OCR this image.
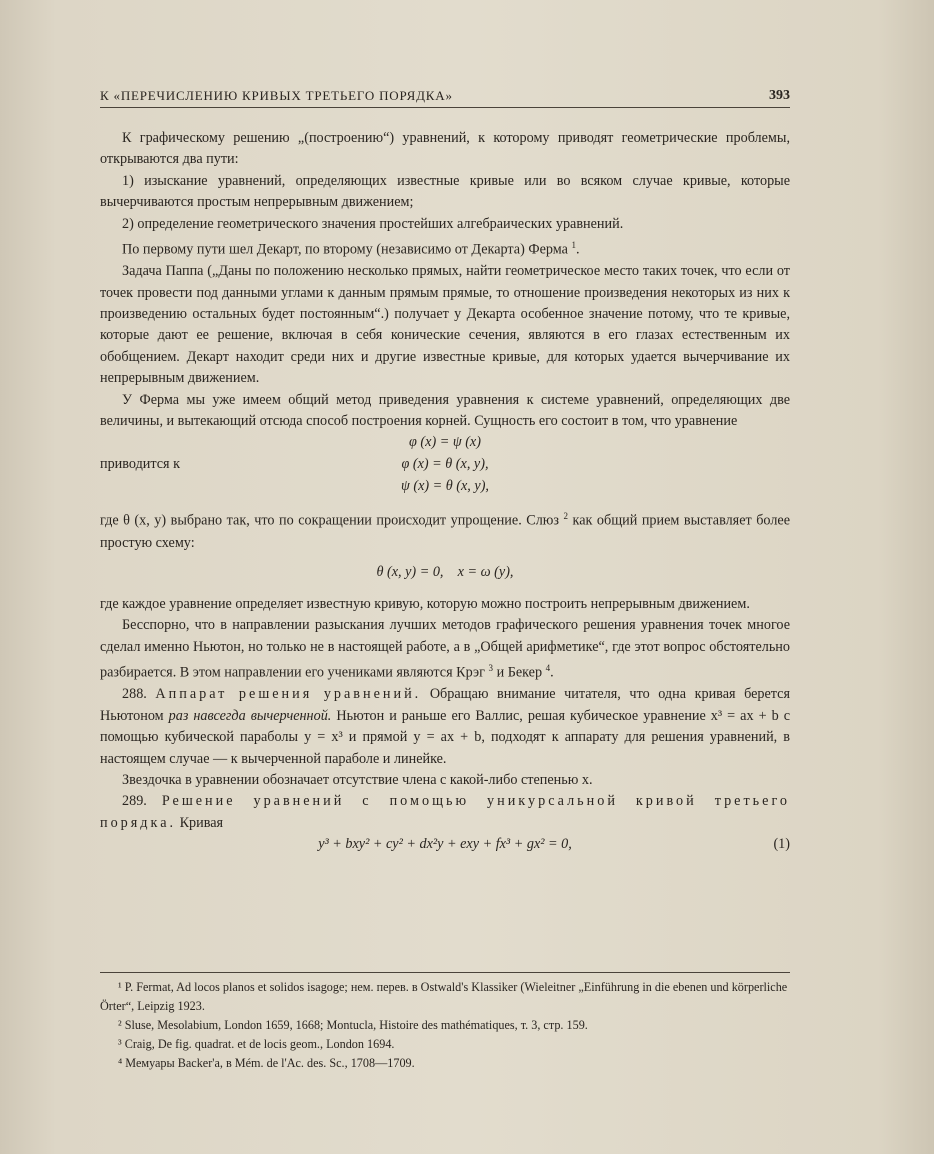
К «ПЕРЕЧИСЛЕНИЮ КРИВЫХ ТРЕТЬЕГО ПОРЯДКА»	393

К графическому решению „(построению“) уравнений, к которому приводят геометрические проблемы, открываются два пути:

1) изыскание уравнений, определяющих известные кривые или во всяком случае кривые, которые вычерчиваются простым непрерывным движением;

2) определение геометрического значения простейших алгебраических уравнений.

По первому пути шел Декарт, по второму (независимо от Декарта) Ферма $^1$.

Задача Паппа („Даны по положению несколько прямых, найти геометрическое место таких точек, что если от точек провести под данными углами к данным прямым прямые, то отношение произведения некоторых из них к произведению остальных будет постоянным“.) получает у Декарта особенное значение потому, что те кривые, которые дают ее решение, включая в себя конические сечения, являются в его глазах естественным их обобщением. Декарт находит среди них и другие известные кривые, для которых удается вычерчивание их непрерывным движением.

У Ферма мы уже имеем общий метод приведения уравнения к системе уравнений, определяющих две величины, и вытекающий отсюда способ построения корней. Сущность его состоит в том, что уравнение

φ (x) = ψ (x)
приводится к	φ (x) = θ (x, y),
ψ (x) = θ (x, y),

где θ (x, y) выбрано так, что по сокращении происходит упрощение. Слюз $^2$ как общий прием выставляет более простую схему:

θ (x, y) = 0,    x = ω (y),

где каждое уравнение определяет известную кривую, которую можно построить непрерывным движением.

Бесспорно, что в направлении разыскания лучших методов графического решения уравнения точек многое сделал именно Ньютон, но только не в настоящей работе, а в „Общей арифметике“, где этот вопрос обстоятельно разбирается. В этом направлении его учениками являются Крэг $^3$ и Бекер $^4$.

288. Аппарат решения уравнений. Обращаю внимание читателя, что одна кривая берется Ньютоном раз навсегда вычерченной. Ньютон и раньше его Валлис, решая кубическое уравнение x³ = ax + b с помощью кубической параболы y = x³ и прямой y = ax + b, подходят к аппарату для решения уравнений, в настоящем случае — к вычерченной параболе и линейке.

Звездочка в уравнении обозначает отсутствие члена с какой-либо степенью x.

289. Решение уравнений с помощью уникурсальной кривой третьего порядка. Кривая

y³ + bxy² + cy² + dx²y + exy + fx³ + gx² = 0,	(1)

¹ P. Fermat, Ad locos planos et solidos isagoge; нем. перев. в Ostwald's Klassiker (Wieleitner „Einführung in die ebenen und körperliche Örter“, Leipzig 1923.

² Sluse, Mesolabium, London 1659, 1668; Montucla, Histoire des mathématiques, т. 3, стр. 159.

³ Craig, De fig. quadrat. et de locis geom., London 1694.

⁴ Мемуары Backer'a, в Mém. de l'Ac. des. Sc., 1708—1709.
